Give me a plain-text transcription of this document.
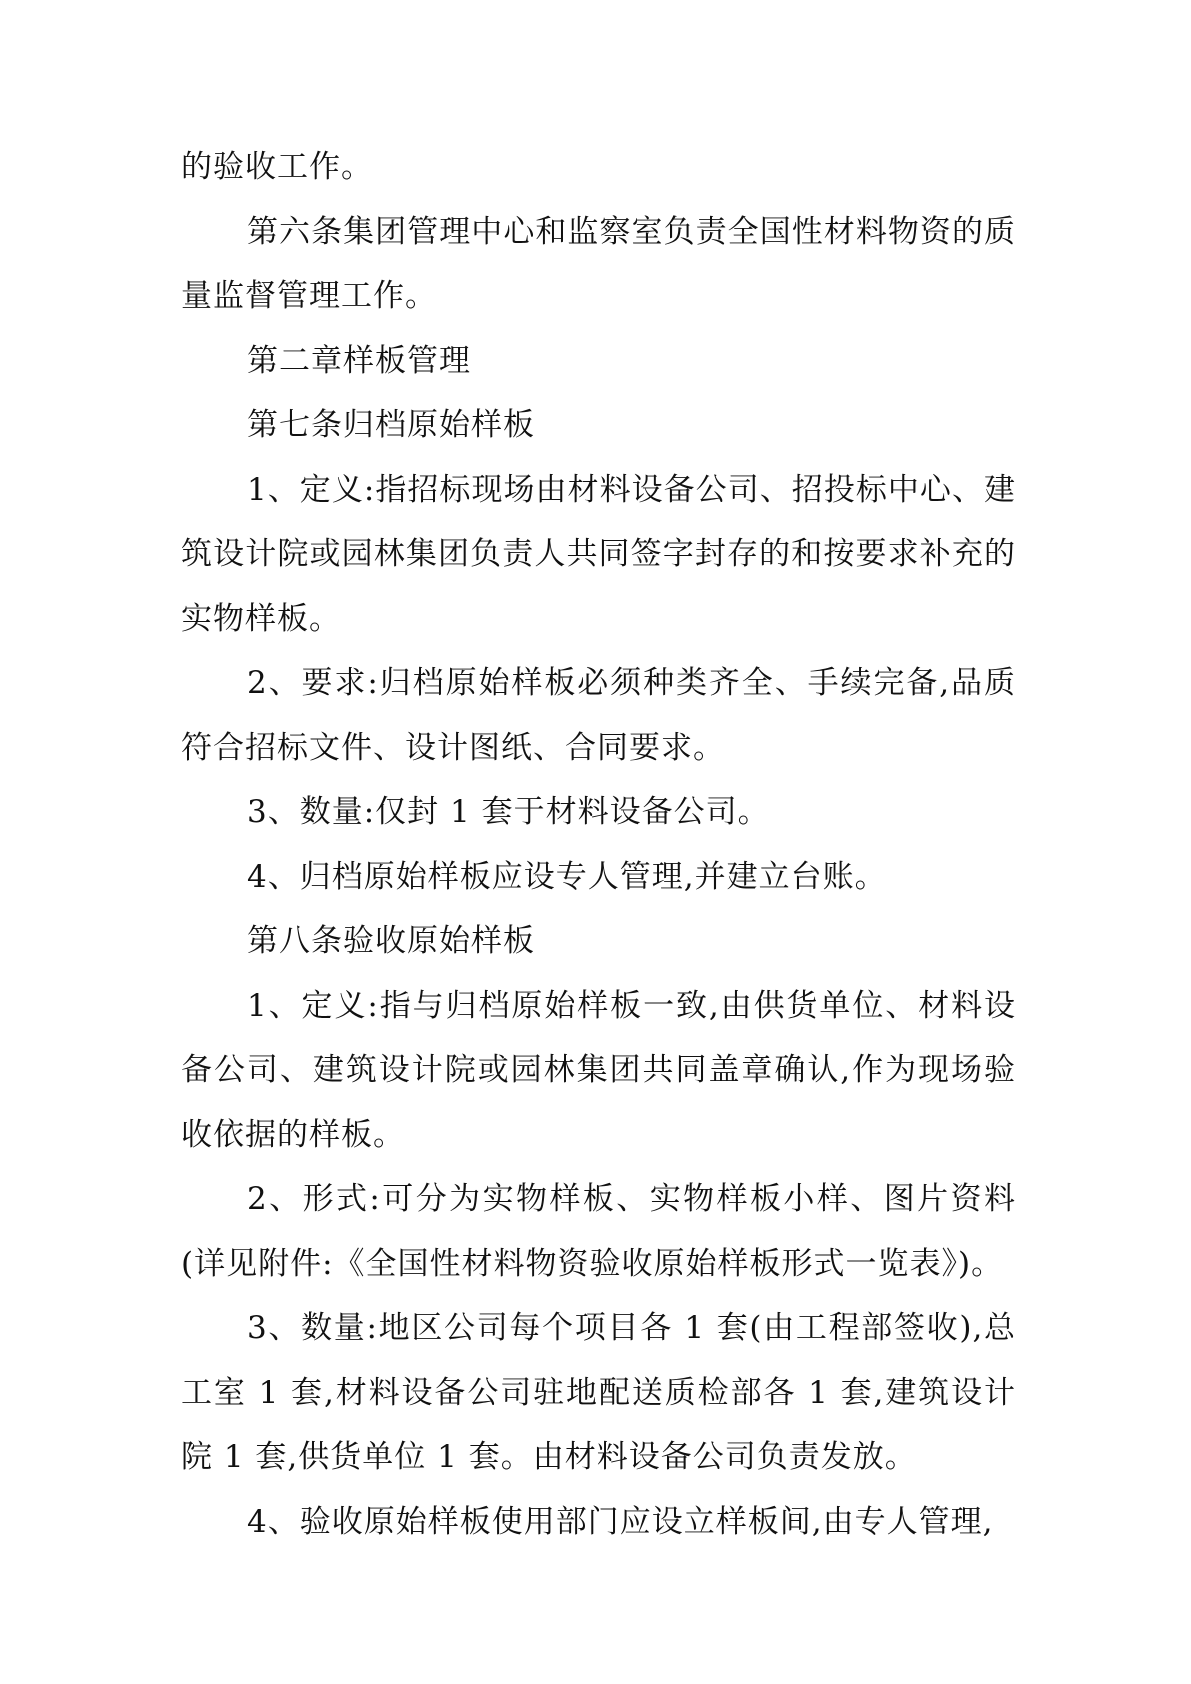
的验收工作。

第六条集团管理中心和监察室负责全国性材料物资的质量监督管理工作。

第二章样板管理

第七条归档原始样板

1、定义:指招标现场由材料设备公司、招投标中心、建筑设计院或园林集团负责人共同签字封存的和按要求补充的实物样板。

2、要求:归档原始样板必须种类齐全、手续完备,品质符合招标文件、设计图纸、合同要求。

3、数量:仅封 1 套于材料设备公司。

4、归档原始样板应设专人管理,并建立台账。

第八条验收原始样板

1、定义:指与归档原始样板一致,由供货单位、材料设备公司、建筑设计院或园林集团共同盖章确认,作为现场验收依据的样板。

2、形式:可分为实物样板、实物样板小样、图片资料(详见附件:《全国性材料物资验收原始样板形式一览表》)。

3、数量:地区公司每个项目各 1 套(由工程部签收),总工室 1 套,材料设备公司驻地配送质检部各 1 套,建筑设计院 1 套,供货单位 1 套。由材料设备公司负责发放。

4、验收原始样板使用部门应设立样板间,由专人管理,
